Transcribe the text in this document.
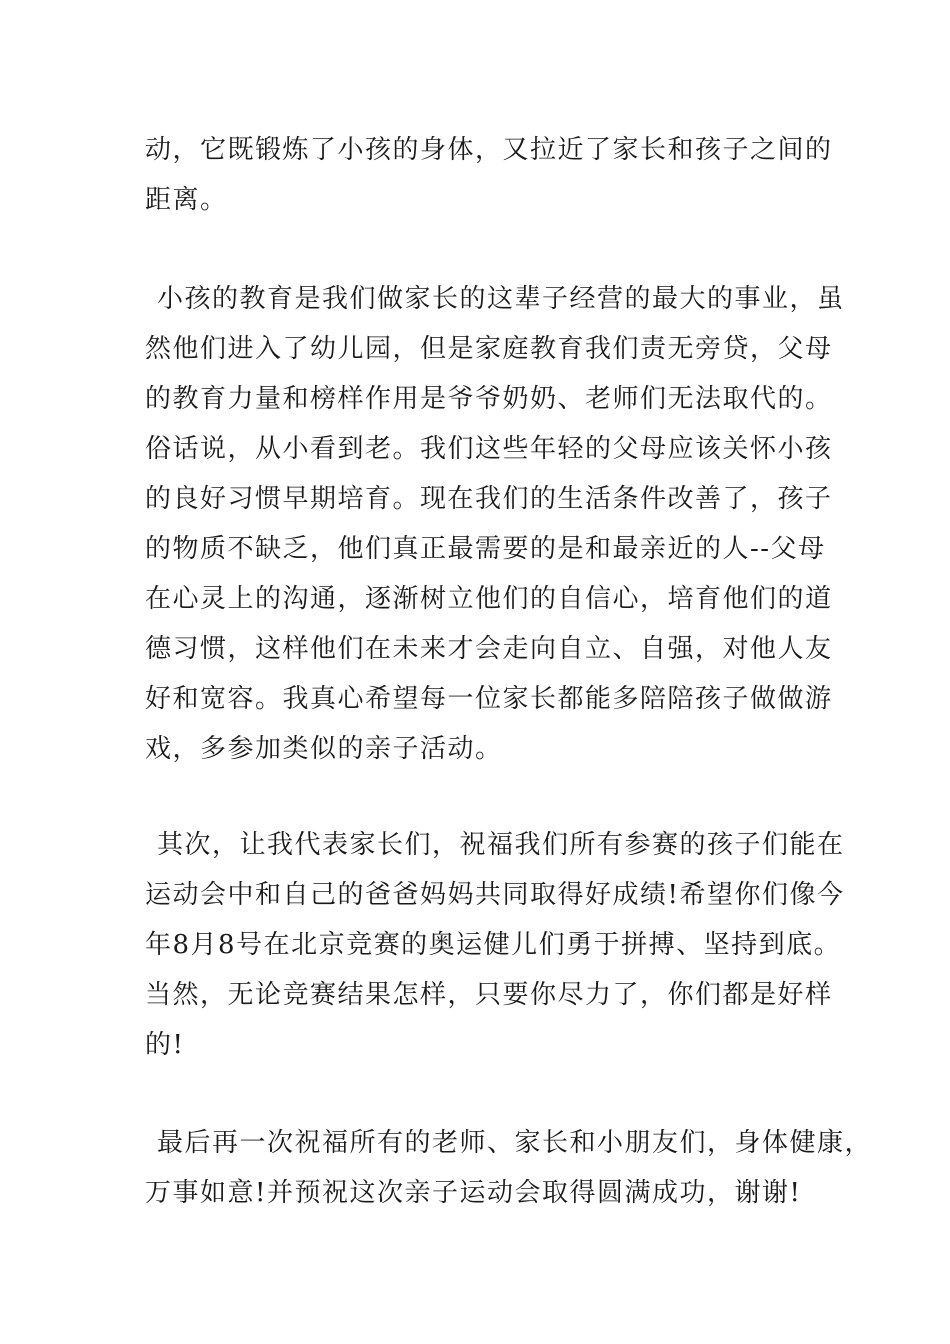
动，它既锻炼了小孩的身体，又拉近了家长和孩子之间的
距离。
小孩的教育是我们做家长的这辈子经营的最大的事业，虽
然他们进入了幼儿园，但是家庭教育我们责无旁贷，父母
的教育力量和榜样作用是爷爷奶奶、老师们无法取代的。
俗话说，从小看到老。我们这些年轻的父母应该关怀小孩
的良好习惯早期培育。现在我们的生活条件改善了，孩子
的物质不缺乏，他们真正最需要的是和最亲近的人--父母
在心灵上的沟通，逐渐树立他们的自信心，培育他们的道
德习惯，这样他们在未来才会走向自立、自强，对他人友
好和宽容。我真心希望每一位家长都能多陪陪孩子做做游
戏，多参加类似的亲子活动。
其次，让我代表家长们，祝福我们所有参赛的孩子们能在
运动会中和自己的爸爸妈妈共同取得好成绩!希望你们像今
年8月8号在北京竞赛的奥运健儿们勇于拼搏、坚持到底。
当然，无论竞赛结果怎样，只要你尽力了，你们都是好样
的!
最后再一次祝福所有的老师、家长和小朋友们，身体健康，
万事如意!并预祝这次亲子运动会取得圆满成功，谢谢!
